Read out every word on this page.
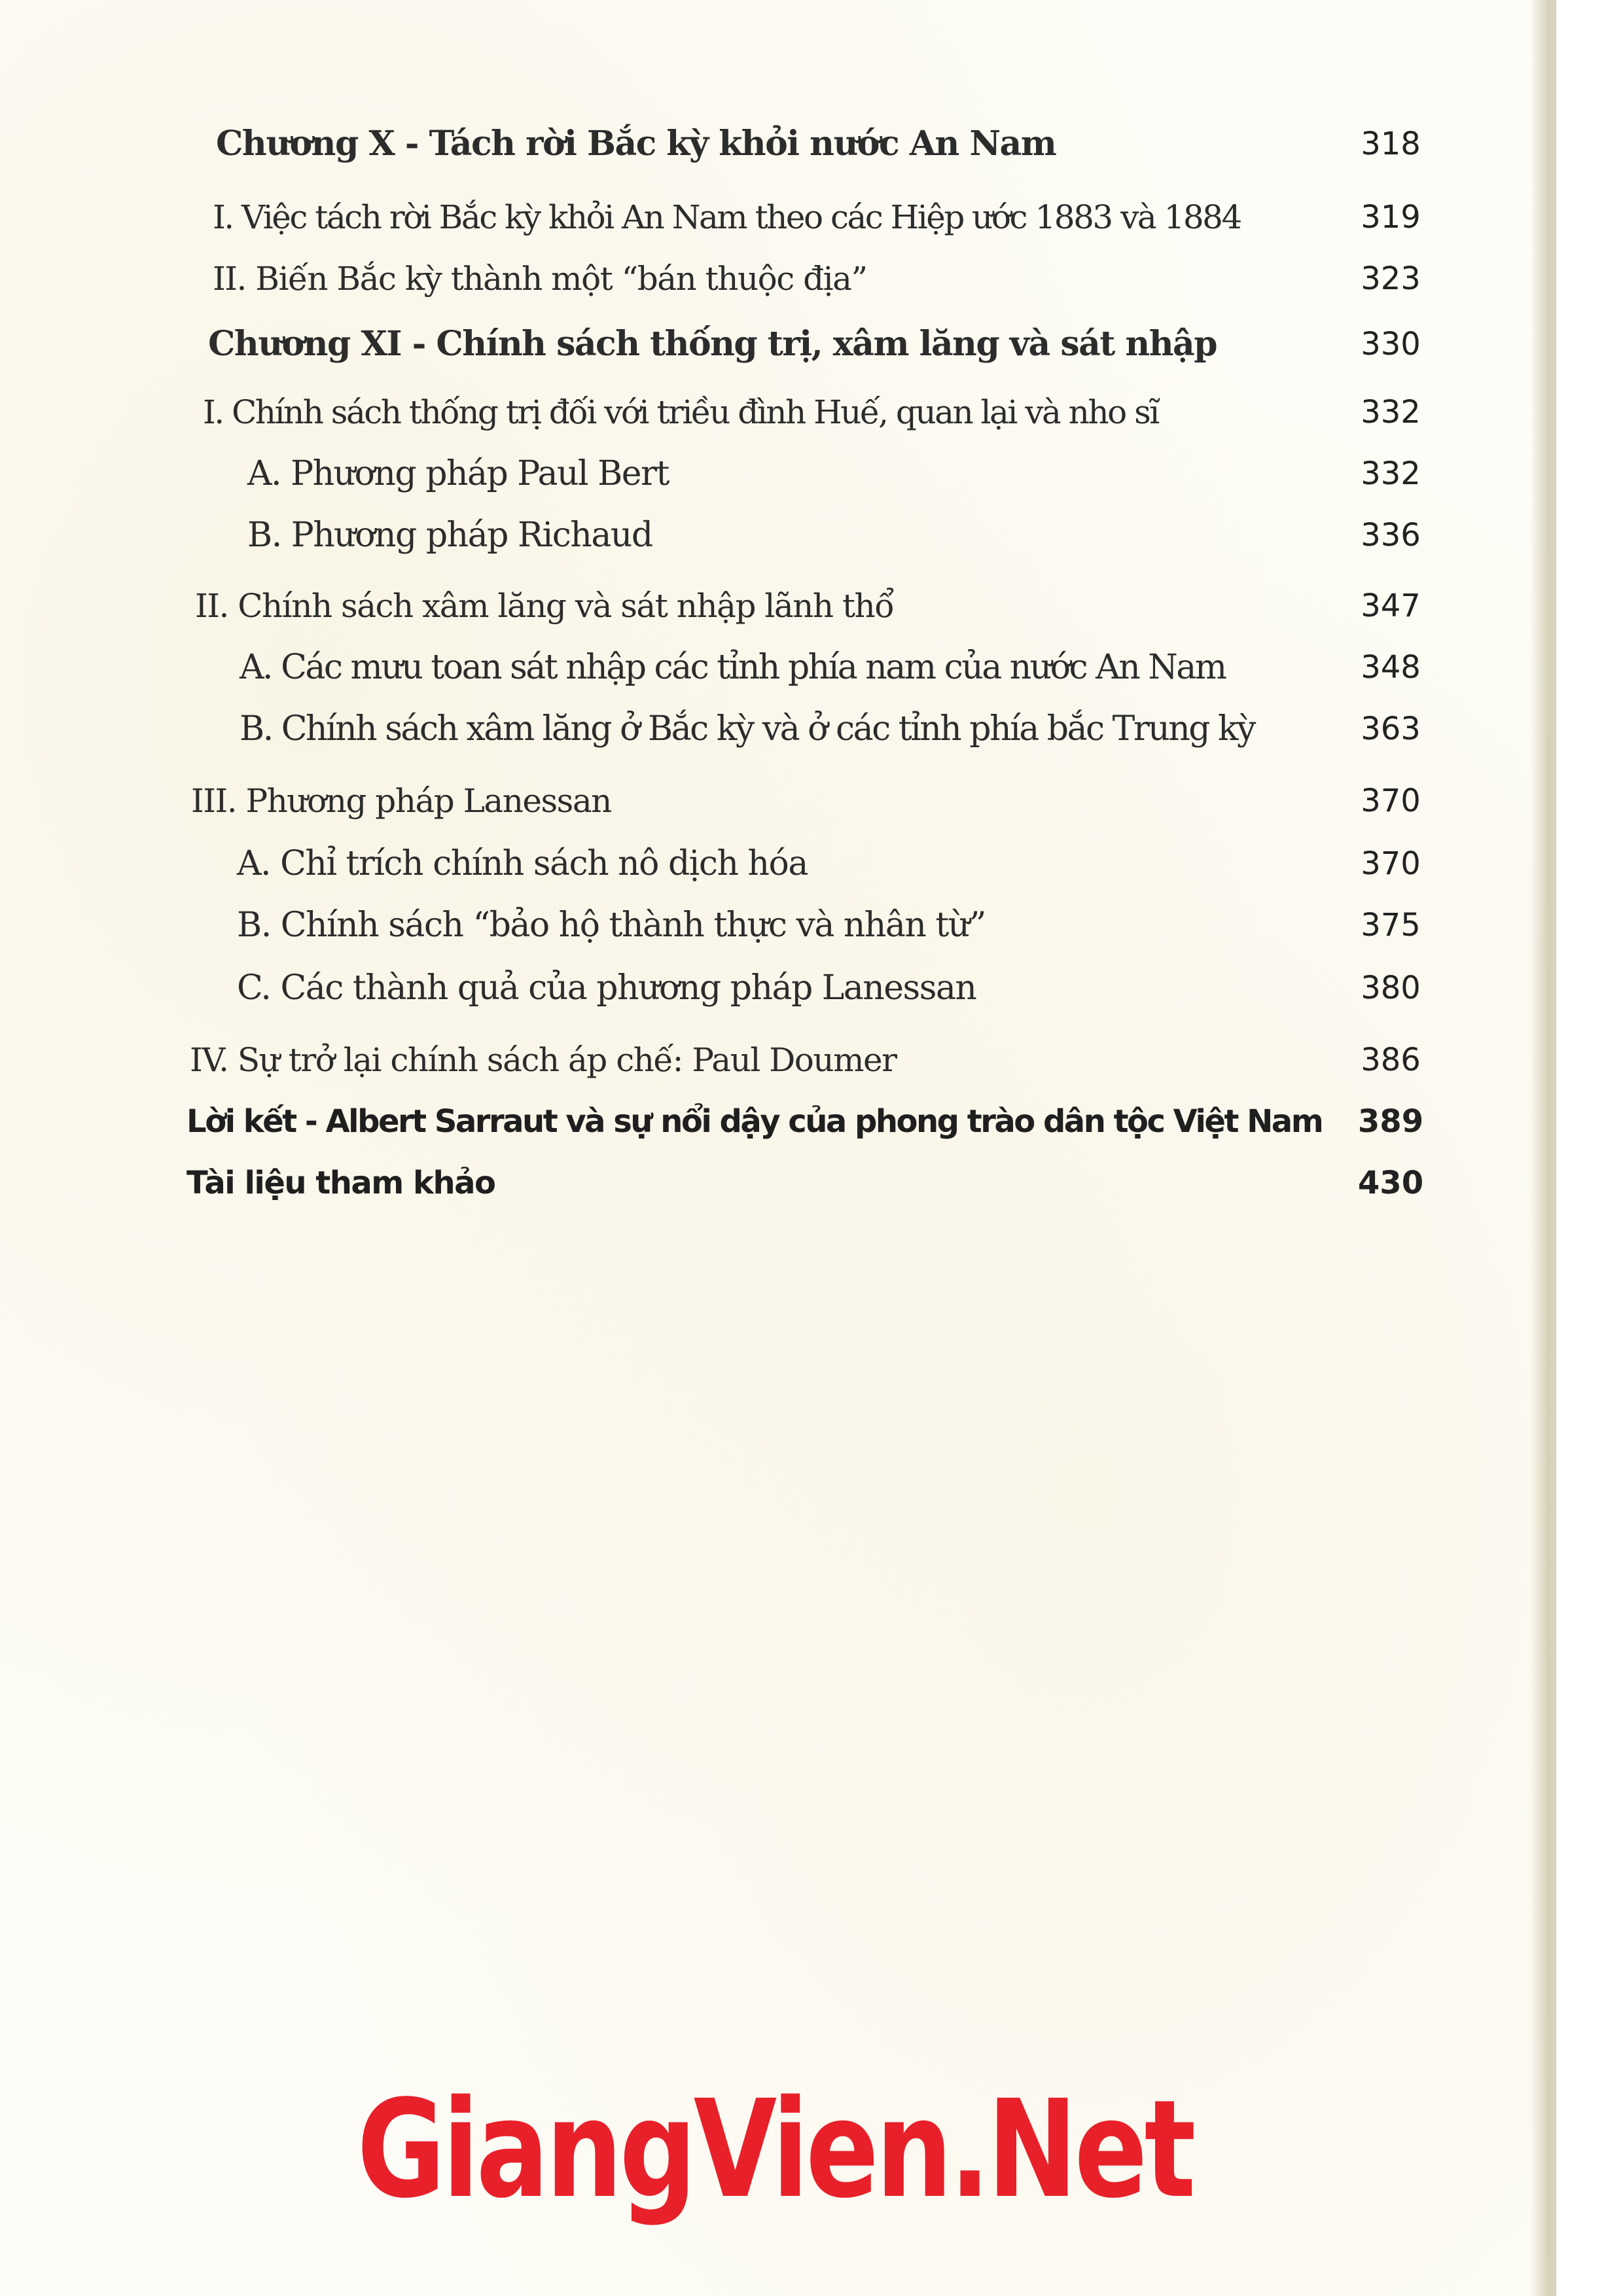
Chương X - Tách rời Bắc kỳ khỏi nước An Nam	318
I. Việc tách rời Bắc kỳ khỏi An Nam theo các Hiệp ước 1883 và 1884	319
II. Biến Bắc kỳ thành một “bán thuộc địa”	323
Chương XI - Chính sách thống trị, xâm lăng và sát nhập	330
I. Chính sách thống trị đối với triều đình Huế, quan lại và nho sĩ	332
A. Phương pháp Paul Bert	332
B. Phương pháp Richaud	336
II. Chính sách xâm lăng và sát nhập lãnh thổ	347
A. Các mưu toan sát nhập các tỉnh phía nam của nước An Nam	348
B. Chính sách xâm lăng ở Bắc kỳ và ở các tỉnh phía bắc Trung kỳ	363
III. Phương pháp Lanessan	370
A. Chỉ trích chính sách nô dịch hóa	370
B. Chính sách “bảo hộ thành thực và nhân từ”	375
C. Các thành quả của phương pháp Lanessan	380
IV. Sự trở lại chính sách áp chế: Paul Doumer	386
Lời kết - Albert Sarraut và sự nổi dậy của phong trào dân tộc Việt Nam 389
Tài liệu tham khảo	430
GiangVien.Net
